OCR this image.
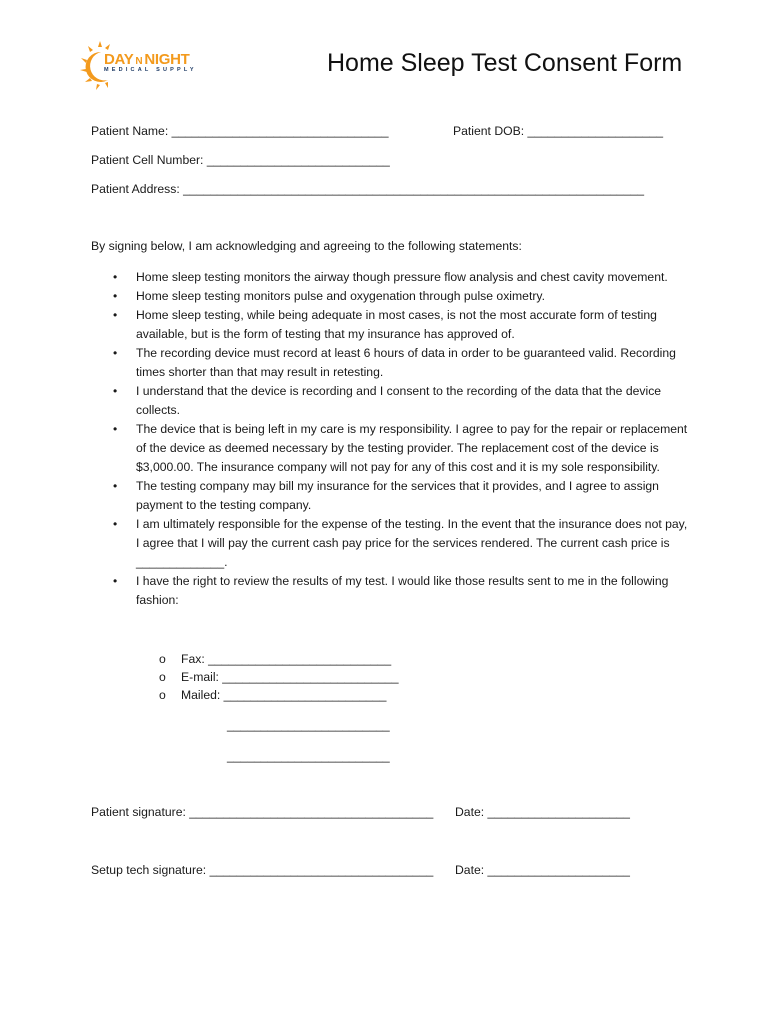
DAY N NIGHT
MEDICAL SUPPLY	Home Sleep Test Consent Form
Patient Name: ________________________________	Patient DOB: ____________________
Patient Cell Number: ___________________________
Patient Address: ____________________________________________________________________
By signing below, I am acknowledging and agreeing to the following statements:
• Home sleep testing monitors the airway though pressure flow analysis and chest cavity movement.
• Home sleep testing monitors pulse and oxygenation through pulse oximetry.
• Home sleep testing, while being adequate in most cases, is not the most accurate form of testing available, but is the form of testing that my insurance has approved of.
• The recording device must record at least 6 hours of data in order to be guaranteed valid. Recording times shorter than that may result in retesting.
• I understand that the device is recording and I consent to the recording of the data that the device collects.
• The device that is being left in my care is my responsibility. I agree to pay for the repair or replacement of the device as deemed necessary by the testing provider. The replacement cost of the device is $3,000.00. The insurance company will not pay for any of this cost and it is my sole responsibility.
• The testing company may bill my insurance for the services that it provides, and I agree to assign payment to the testing company.
• I am ultimately responsible for the expense of the testing. In the event that the insurance does not pay, I agree that I will pay the current cash pay price for the services rendered. The current cash price is _____________.
• I have the right to review the results of my test. I would like those results sent to me in the following fashion:
o Fax: ___________________________
o E-mail: __________________________
o Mailed: ________________________
________________________
________________________
Patient signature: ____________________________________ Date: _____________________
Setup tech signature: _________________________________ Date: _____________________
